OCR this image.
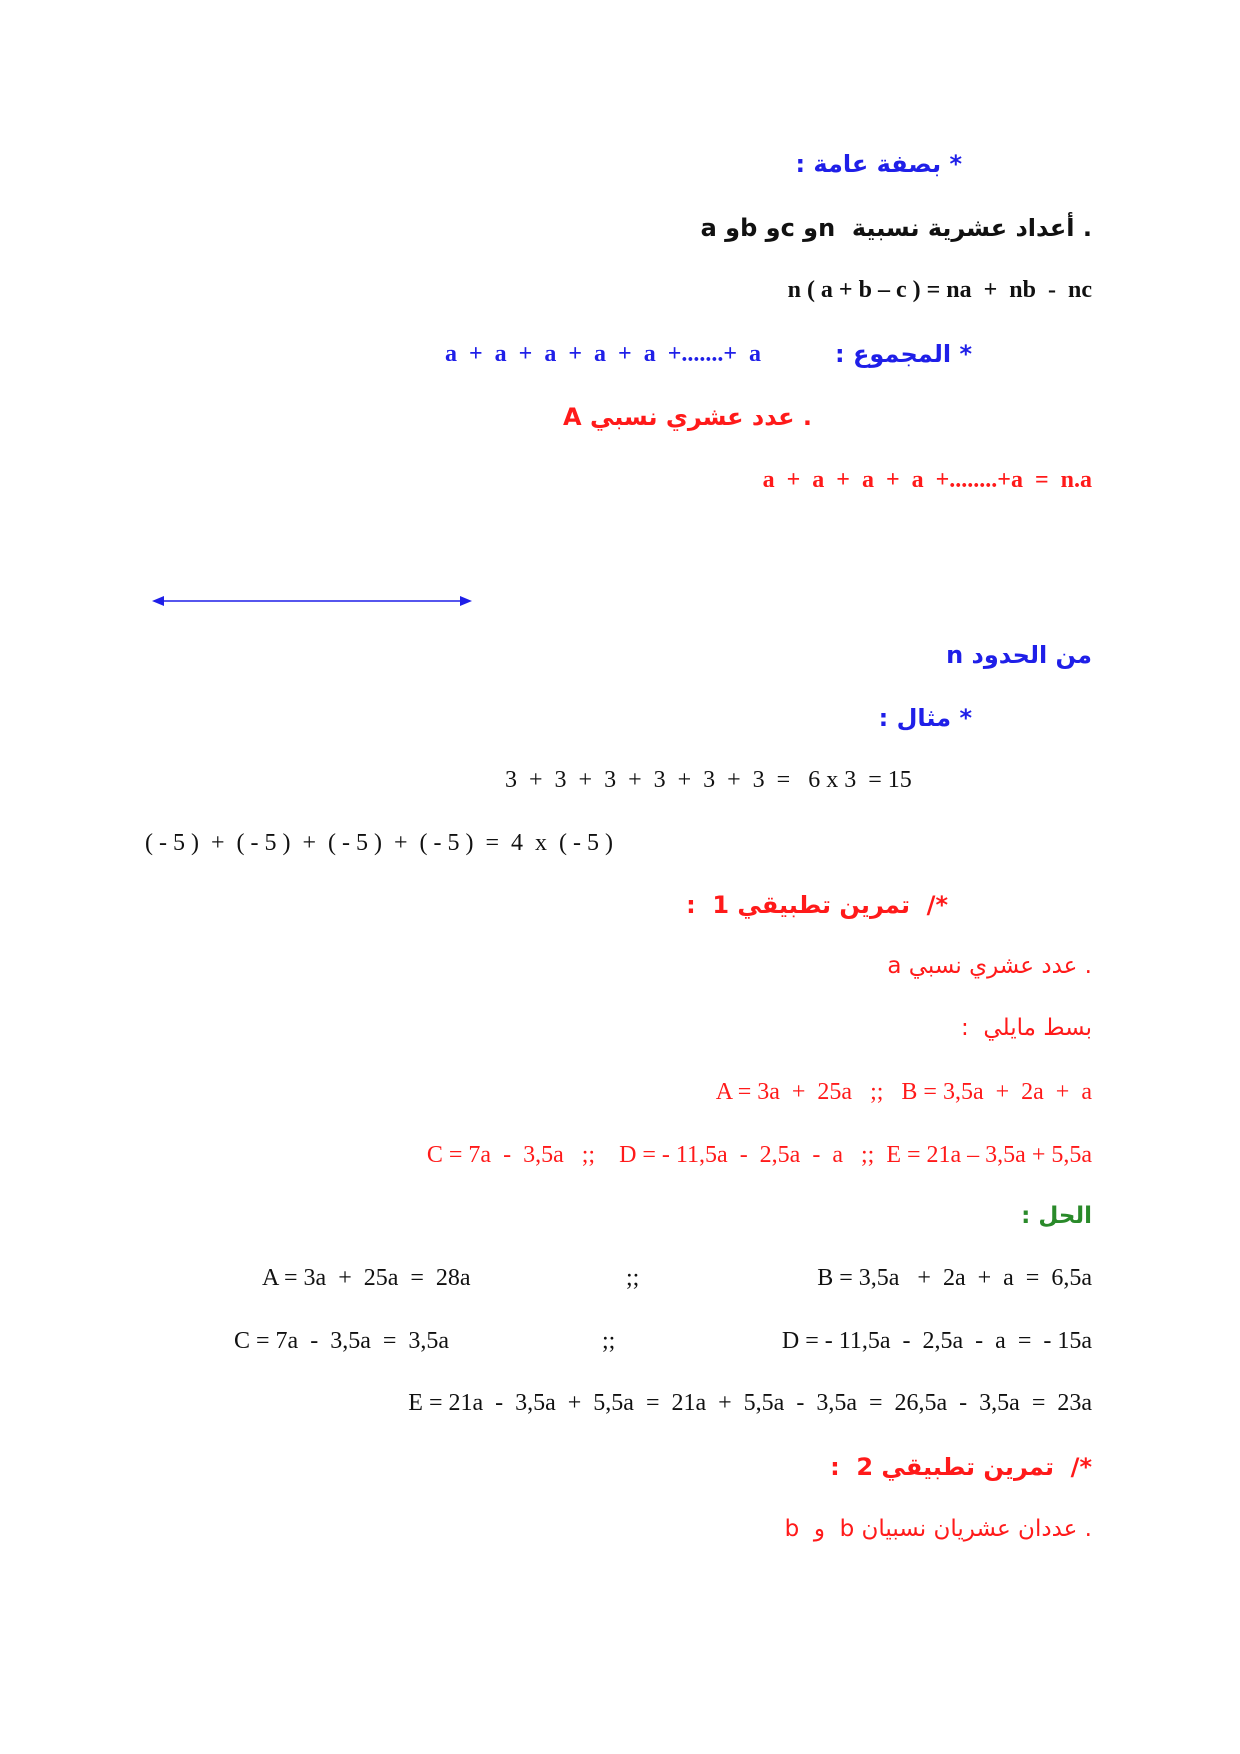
* بصفة عامة :
a وb وc وn  أعداد عشرية نسبية .
n ( a + b – c ) = na  +  nb  -  nc
* المجموع :
a  +  a  +  a  +  a  +  a  +.......+  a
A عدد عشري نسبي .
a  +  a  +  a  +  a  +........+a  =  n.a
n من الحدود
* مثال :
3  +  3  +  3  +  3  +  3  +  3  =   6 x 3  = 15
( - 5 )  +  ( - 5 )  +  ( - 5 )  +  ( - 5 )  =  4  x  ( - 5 )
*/  تمرين تطبيقي 1  :
a عدد عشري نسبي .
بسط مايلي  :
A = 3a  +  25a   ;;   B = 3,5a  +  2a  +  a
C = 7a  -  3,5a   ;;    D = - 11,5a  -  2,5a  -  a   ;;  E = 21a – 3,5a + 5,5a
الحل :
A = 3a  +  25a  =  28a	;;	B = 3,5a   +  2a  +  a  =  6,5a
C = 7a  -  3,5a  =  3,5a	;;	D = - 11,5a  -  2,5a  -  a  =  - 15a
E = 21a  -  3,5a  +  5,5a  =  21a  +  5,5a  -  3,5a  =  26,5a  -  3,5a  =  23a
*/  تمرين تطبيقي 2  :
b  و  b عددان عشريان نسبيان .
